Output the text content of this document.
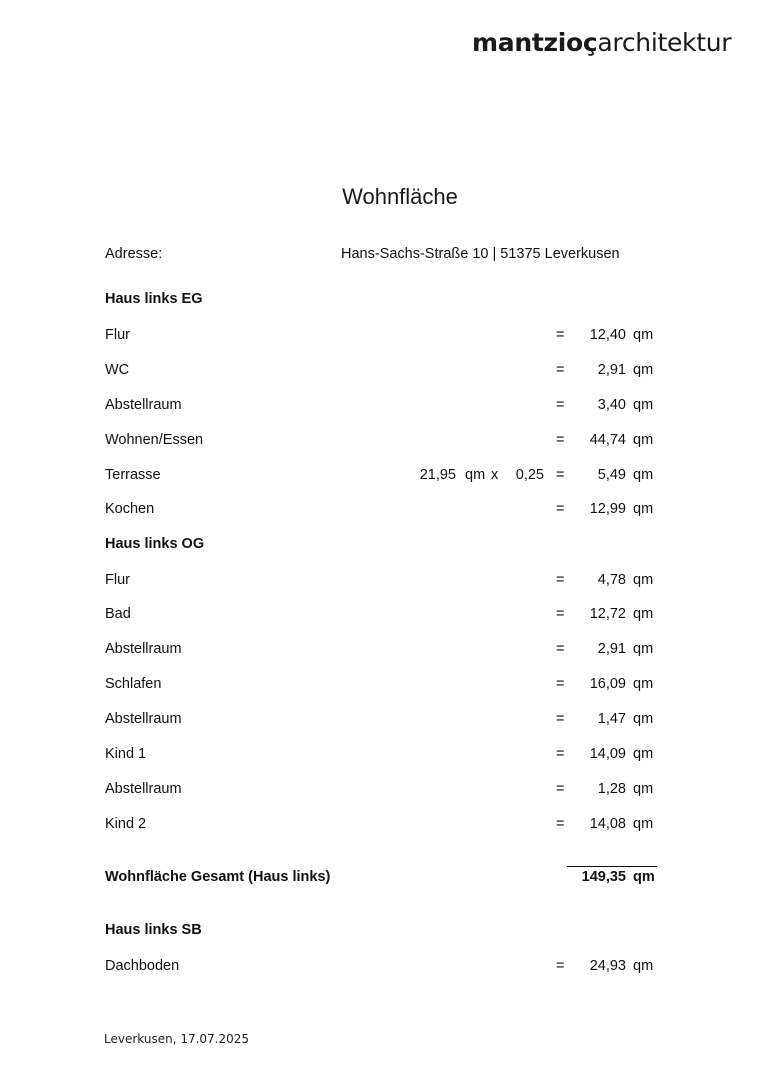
mantzioçarchitektur
Wohnfläche
Adresse:	Hans-Sachs-Straße 10 | 51375 Leverkusen
Haus links EG
Flur	=	12,40 qm
WC	=	2,91 qm
Abstellraum	=	3,40 qm
Wohnen/Essen	=	44,74 qm
Terrasse	21,95 qm x	0,25 =	5,49 qm
Kochen	=	12,99 qm
Haus links OG
Flur	=	4,78 qm
Bad	=	12,72 qm
Abstellraum	=	2,91 qm
Schlafen	=	16,09 qm
Abstellraum	=	1,47 qm
Kind 1	=	14,09 qm
Abstellraum	=	1,28 qm
Kind 2	=	14,08 qm
Wohnfläche Gesamt (Haus links)	149,35 qm
Haus links SB
Dachboden	=	24,93 qm
Leverkusen, 17.07.2025
